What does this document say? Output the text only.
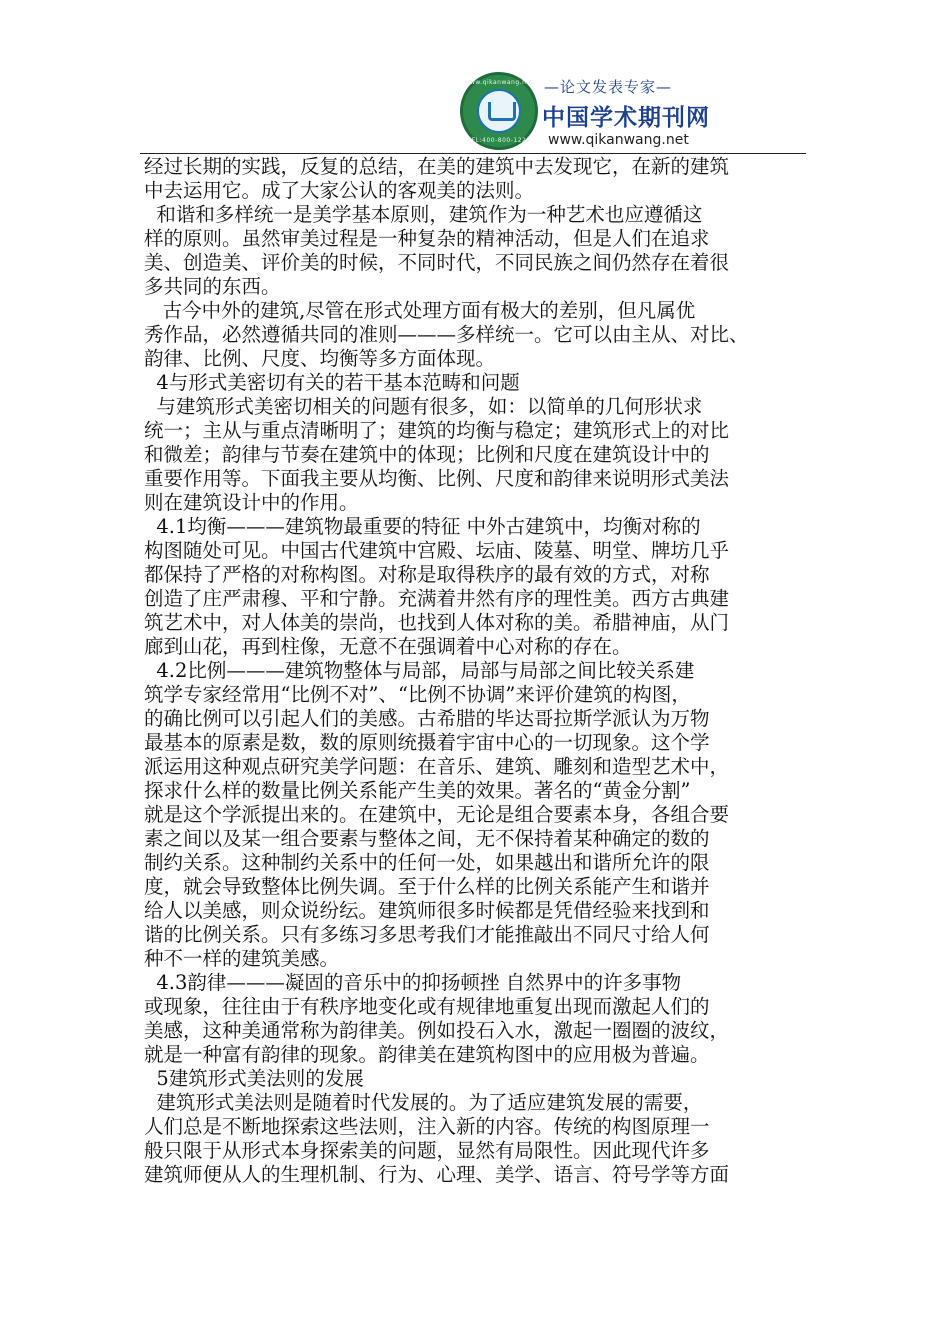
www.qikanwang.net
TEL:400-800-1227
—论文发表专家—
中国学术期刊网
www.qikanwang.net

经过长期的实践，反复的总结，在美的建筑中去发现它，在新的建筑

中去运用它。成了大家公认的客观美的法则。

和谐和多样统一是美学基本原则，建筑作为一种艺术也应遵循这

样的原则。虽然审美过程是一种复杂的精神活动，但是人们在追求

美、创造美、评价美的时候，不同时代，不同民族之间仍然存在着很

多共同的东西。

古今中外的建筑,尽管在形式处理方面有极大的差别，但凡属优

秀作品，必然遵循共同的准则———多样统一。它可以由主从、对比、

韵律、比例、尺度、均衡等多方面体现。

4与形式美密切有关的若干基本范畴和问题

与建筑形式美密切相关的问题有很多，如：以简单的几何形状求

统一；主从与重点清晰明了；建筑的均衡与稳定；建筑形式上的对比

和微差；韵律与节奏在建筑中的体现；比例和尺度在建筑设计中的

重要作用等。下面我主要从均衡、比例、尺度和韵律来说明形式美法

则在建筑设计中的作用。

4.1均衡———建筑物最重要的特征 中外古建筑中，均衡对称的

构图随处可见。中国古代建筑中宫殿、坛庙、陵墓、明堂、牌坊几乎

都保持了严格的对称构图。对称是取得秩序的最有效的方式，对称

创造了庄严肃穆、平和宁静。充满着井然有序的理性美。西方古典建

筑艺术中，对人体美的崇尚，也找到人体对称的美。希腊神庙，从门

廊到山花，再到柱像，无意不在强调着中心对称的存在。

4.2比例———建筑物整体与局部，局部与局部之间比较关系建

筑学专家经常用“比例不对”、“比例不协调”来评价建筑的构图，

的确比例可以引起人们的美感。古希腊的毕达哥拉斯学派认为万物

最基本的原素是数，数的原则统摄着宇宙中心的一切现象。这个学

派运用这种观点研究美学问题：在音乐、建筑、雕刻和造型艺术中，

探求什么样的数量比例关系能产生美的效果。著名的“黄金分割”

就是这个学派提出来的。在建筑中，无论是组合要素本身，各组合要

素之间以及某一组合要素与整体之间，无不保持着某种确定的数的

制约关系。这种制约关系中的任何一处，如果越出和谐所允许的限

度，就会导致整体比例失调。至于什么样的比例关系能产生和谐并

给人以美感，则众说纷纭。建筑师很多时候都是凭借经验来找到和

谐的比例关系。只有多练习多思考我们才能推敲出不同尺寸给人何

种不一样的建筑美感。

4.3韵律———凝固的音乐中的抑扬顿挫 自然界中的许多事物

或现象，往往由于有秩序地变化或有规律地重复出现而激起人们的

美感，这种美通常称为韵律美。例如投石入水，激起一圈圈的波纹，

就是一种富有韵律的现象。韵律美在建筑构图中的应用极为普遍。

5建筑形式美法则的发展

建筑形式美法则是随着时代发展的。为了适应建筑发展的需要，

人们总是不断地探索这些法则，注入新的内容。传统的构图原理一

般只限于从形式本身探索美的问题，显然有局限性。因此现代许多

建筑师便从人的生理机制、行为、心理、美学、语言、符号学等方面
